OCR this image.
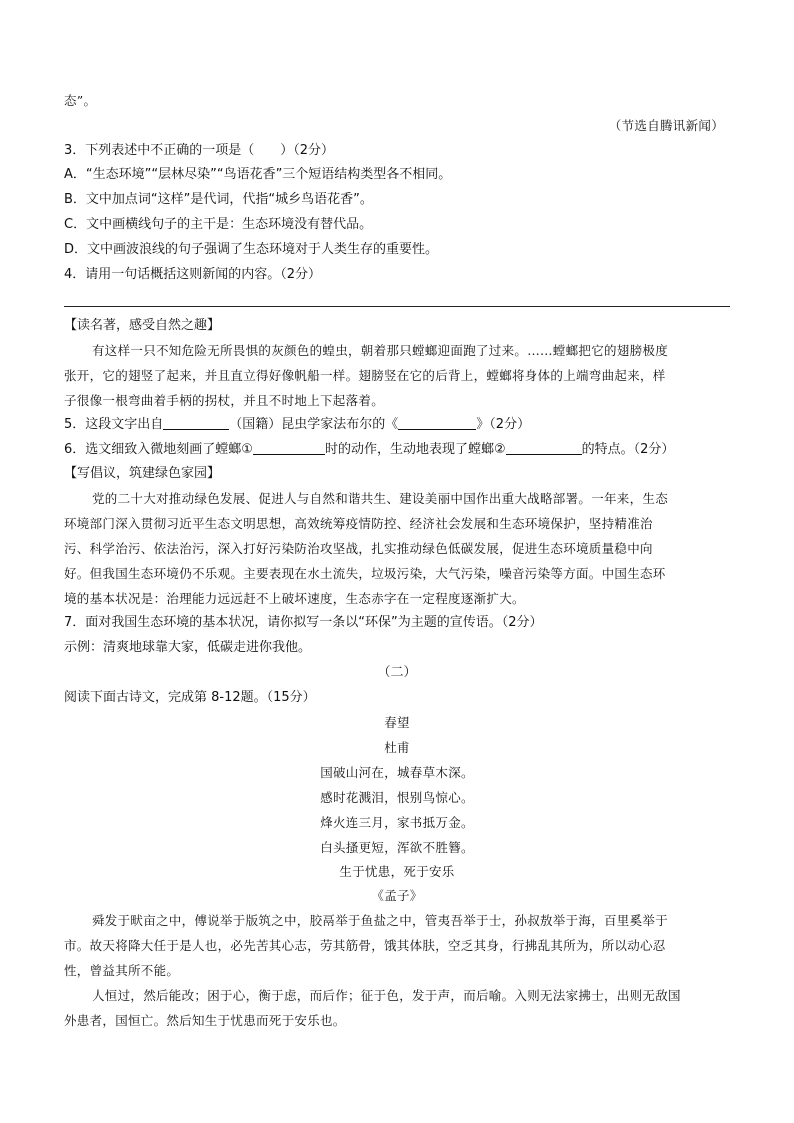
态”。
（节选自腾讯新闻）
3．下列表述中不正确的一项是（　　）（2分）
A．“生态环境”“层林尽染”“鸟语花香”三个短语结构类型各不相同。
B．文中加点词“这样”是代词，代指“城乡鸟语花香”。
C．文中画横线句子的主干是：生态环境没有替代品。
D．文中画波浪线的句子强调了生态环境对于人类生存的重要性。
4．请用一句话概括这则新闻的内容。（2分）
【读名著，感受自然之趣】
有这样一只不知危险无所畏惧的灰颜色的蝗虫，朝着那只螳螂迎面跑了过来。……螳螂把它的翅膀极度
张开，它的翅竖了起来，并且直立得好像帆船一样。翅膀竖在它的后背上，螳螂将身体的上端弯曲起来，样
子很像一根弯曲着手柄的拐杖，并且不时地上下起落着。
5．这段文字出自	（国籍）昆虫学家法布尔的《	》（2分）
6．选文细致入微地刻画了螳螂①	时的动作，生动地表现了螳螂②	的特点。（2分）
【写倡议，筑建绿色家园】
党的二十大对推动绿色发展、促进人与自然和谐共生、建设美丽中国作出重大战略部署。一年来，生态
环境部门深入贯彻习近平生态文明思想，高效统筹疫情防控、经济社会发展和生态环境保护，坚持精准治
污、科学治污、依法治污，深入打好污染防治攻坚战，扎实推动绿色低碳发展，促进生态环境质量稳中向
好。但我国生态环境仍不乐观。主要表现在水土流失，垃圾污染，大气污染，噪音污染等方面。中国生态环
境的基本状况是：治理能力远远赶不上破坏速度，生态赤字在一定程度逐渐扩大。
7．面对我国生态环境的基本状况，请你拟写一条以“环保”为主题的宣传语。（2分）
示例：清爽地球靠大家，低碳走进你我他。
（二）
阅读下面古诗文，完成第 8-12题。（15分）
春望
杜甫
国破山河在，城春草木深。
感时花溅泪，恨别鸟惊心。
烽火连三月，家书抵万金。
白头搔更短，浑欲不胜簪。
生于忧患，死于安乐
《孟子》
舜发于畎亩之中，傅说举于版筑之中，胶鬲举于鱼盐之中，管夷吾举于士，孙叔敖举于海，百里奚举于
市。故天将降大任于是人也，必先苦其心志，劳其筋骨，饿其体肤，空乏其身，行拂乱其所为，所以动心忍
性，曾益其所不能。
人恒过，然后能改；困于心，衡于虑，而后作；征于色，发于声，而后喻。入则无法家拂士，出则无敌国
外患者，国恒亡。然后知生于忧患而死于安乐也。
